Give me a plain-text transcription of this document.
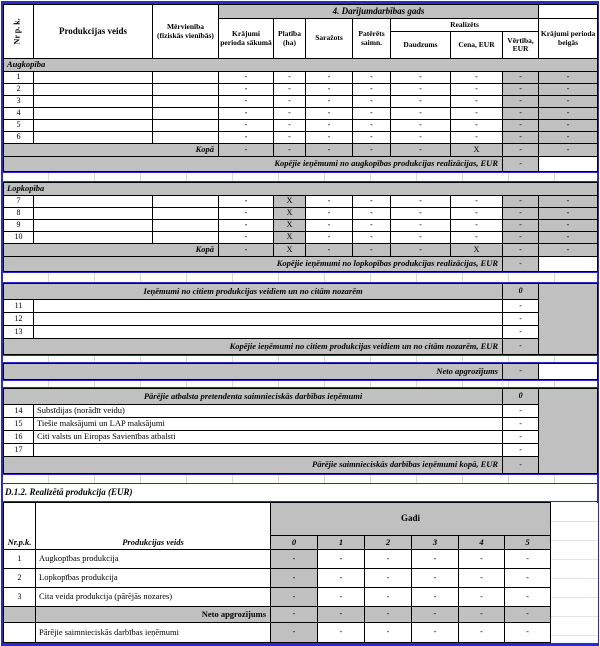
Nr p. k.	Produkcijas veids	Mērvienība (fiziskās vienībās)	4. Darījumdarbības gads							
			Krājumi perioda sākumā	Platība (ha)	Saražots	Patērēts saimn.	Realizēts			Krājumi perioda beigās
							Daudzums	Cena, EUR	Vērtība, EUR	
Augkopība										
1			-	-	-	-	-	-	-	-
2			-	-	-	-	-	-	-	-
3			-	-	-	-	-	-	-	-
4			-	-	-	-	-	-	-	-
5			-	-	-	-	-	-	-	-
6			-	-	-	-	-	-	-	-
Kopā			-	-	-	-	-	X	-	-
Kopējie ieņēmumi no augkopības produkcijas realizācijas, EUR									-	
Lopkopība										
7			-	X	-	-	-	-	-	-
8			-	X	-	-	-	-	-	-
9			-	X	-	-	-	-	-	-
10			-	X	-	-	-	-	-	-
Kopā			-	X	-	-	-	X	-	-
Kopējie ieņēmumi no lopkopības produkcijas realizācijas, EUR									-	
Ieņēmumi no citiem produkcijas veidiem un no citām nozarēm		0	
11		-	
12		-	
13		-	
Kopējie ieņēmumi no citiem produkcijas veidiem un no citām nozarēm, EUR		-	
Neto apgrozījums	-	
Pārējie atbalsta pretendenta saimnieciskās darbības ieņēmumi		0	
14	Subsīdijas (norādīt veidu)	-	
15	Tiešie maksājumi un LAP maksājumi	-	
16	Citi valsts un Eiropas Savienības atbalsti	-	
17		-	
Pārējie saimnieciskās darbības ieņēmumi kopā, EUR		-	
D.1.2. Realizētā produkcija (EUR)
Nr.p.k.	Produkcijas veids	Gadi						
		0	1	2	3	4	5	
1	Augkopības produkcija	-	-	-	-	-	-	
2	Lopkopības produkcija	-	-	-	-	-	-	
3	Cita veida produkcija (pārējās nozares)	-	-	-	-	-	-	
	Neto apgrozījums	-	-	-	-	-	-	
	Pārējie saimnieciskās darbības ieņēmumi	-	-	-	-	-	-	
